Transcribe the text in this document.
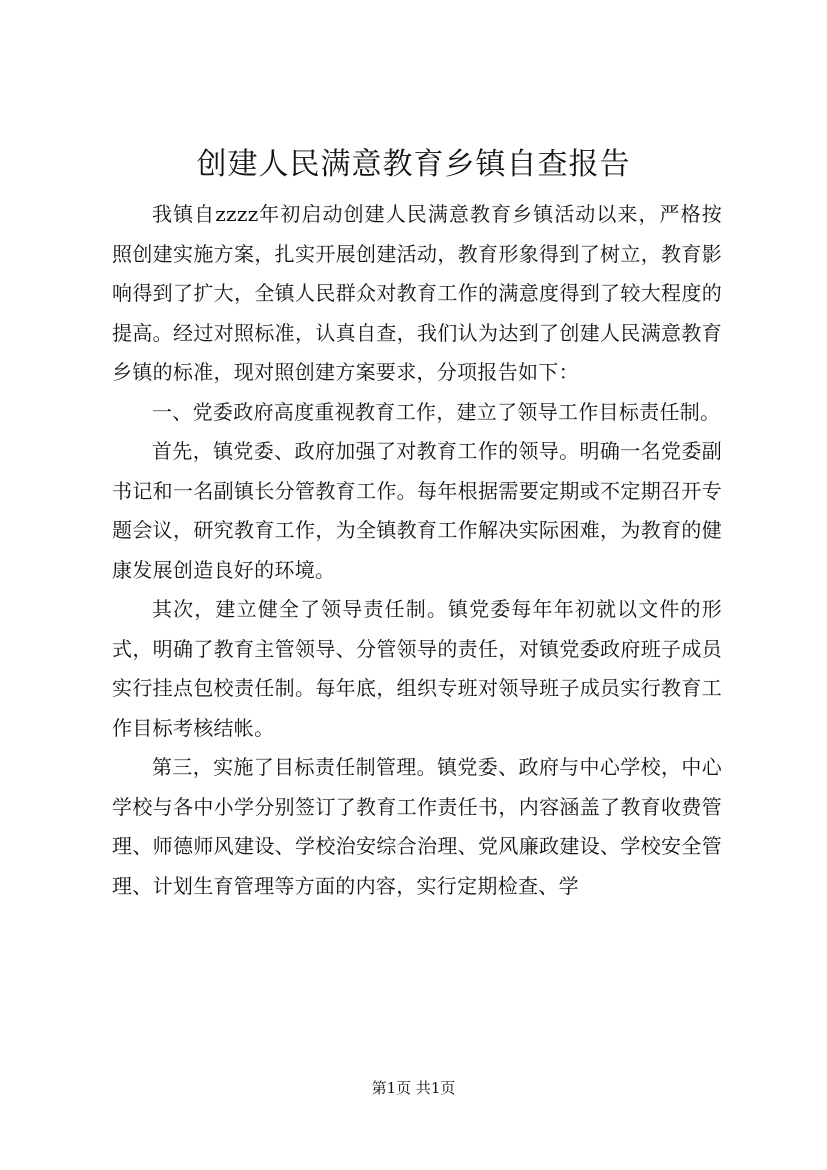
创建人民满意教育乡镇自查报告

我镇自zzzz年初启动创建人民满意教育乡镇活动以来，严格按照创建实施方案，扎实开展创建活动，教育形象得到了树立，教育影响得到了扩大，全镇人民群众对教育工作的满意度得到了较大程度的提高。经过对照标准，认真自查，我们认为达到了创建人民满意教育乡镇的标准，现对照创建方案要求，分项报告如下：

一、党委政府高度重视教育工作，建立了领导工作目标责任制。

首先，镇党委、政府加强了对教育工作的领导。明确一名党委副书记和一名副镇长分管教育工作。每年根据需要定期或不定期召开专题会议，研究教育工作，为全镇教育工作解决实际困难，为教育的健康发展创造良好的环境。

其次，建立健全了领导责任制。镇党委每年年初就以文件的形式，明确了教育主管领导、分管领导的责任，对镇党委政府班子成员实行挂点包校责任制。每年底，组织专班对领导班子成员实行教育工作目标考核结帐。

第三，实施了目标责任制管理。镇党委、政府与中心学校，中心学校与各中小学分别签订了教育工作责任书，内容涵盖了教育收费管理、师德师风建设、学校治安综合治理、党风廉政建设、学校安全管理、计划生育管理等方面的内容，实行定期检查、学

第1页 共1页
